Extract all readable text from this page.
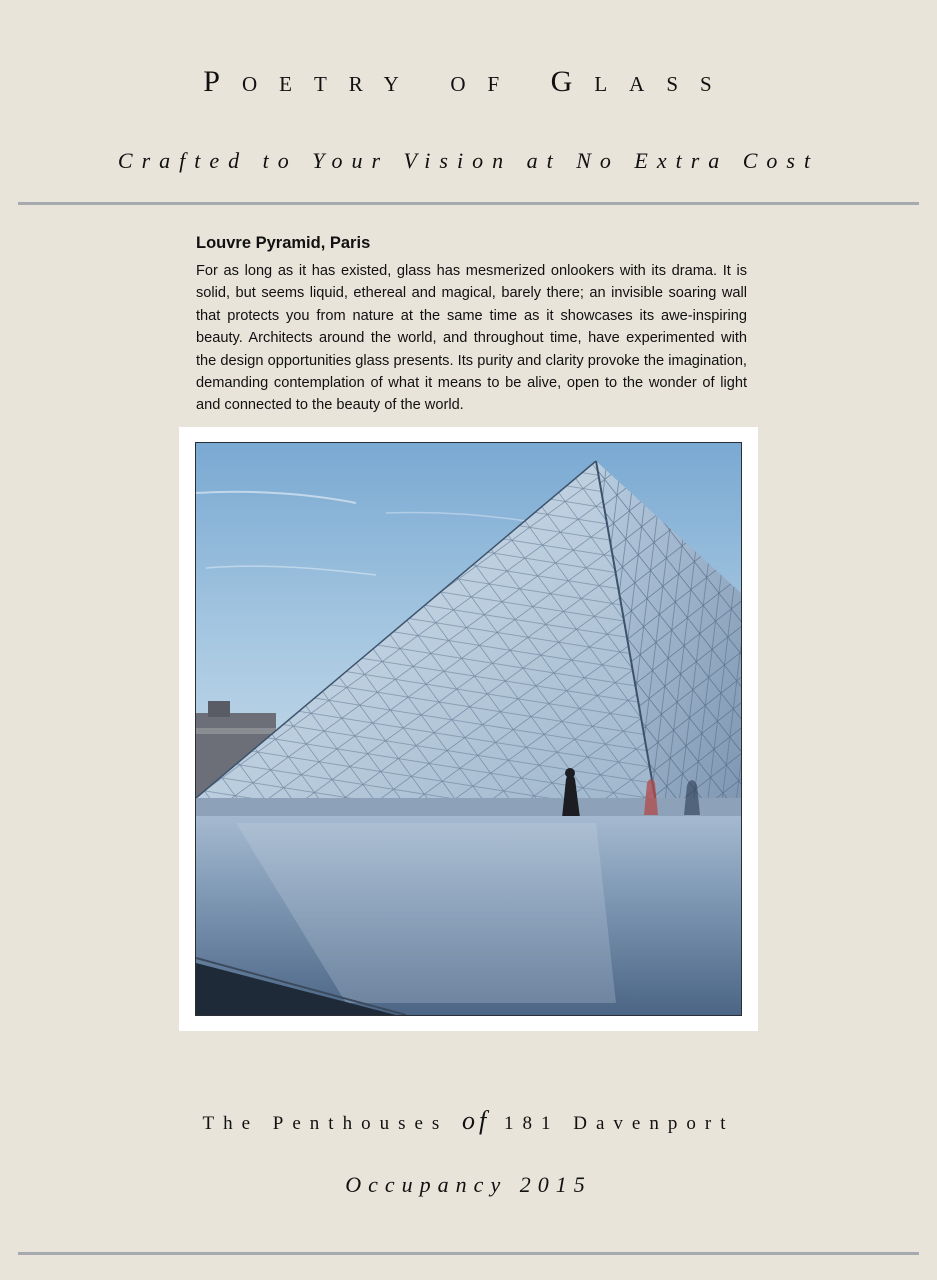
Poetry of Glass
Crafted to Your Vision at No Extra Cost
Louvre Pyramid, Paris

For as long as it has existed, glass has mesmerized onlookers with its drama. It is solid, but seems liquid, ethereal and magical, barely there; an invisible soaring wall that protects you from nature at the same time as it showcases its awe-inspiring beauty. Architects around the world, and throughout time, have experimented with the design opportunities glass presents. Its purity and clarity provoke the imagination, demanding contemplation of what it means to be alive, open to the wonder of light and connected to the beauty of the world.

The Penthouses of 181 Davenport
Occupancy 2015
